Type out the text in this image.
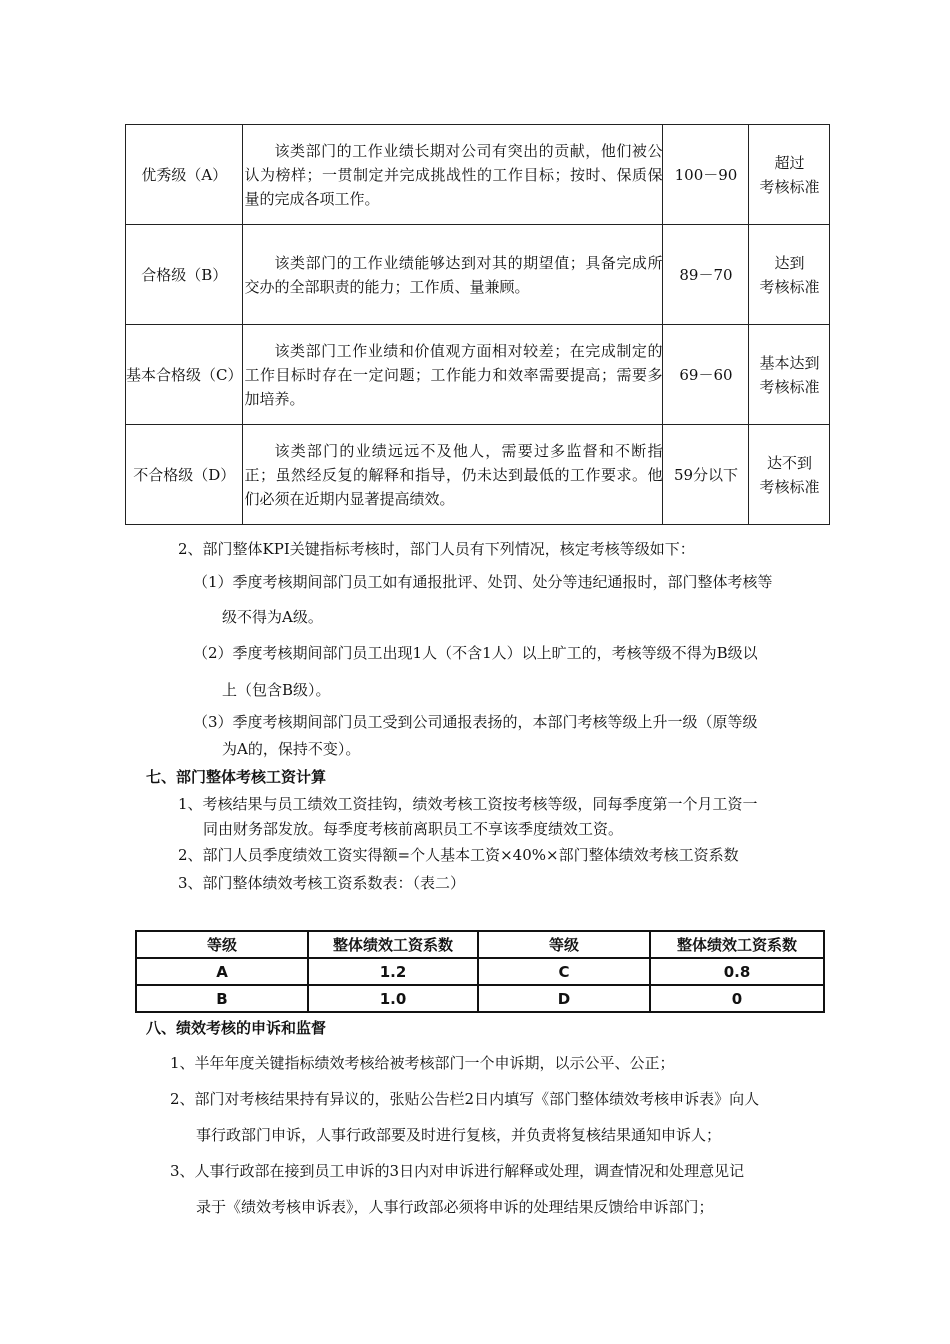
优秀级（A）	该类部门的工作业绩长期对公司有突出的贡献，他们被公认为榜样；一贯制定并完成挑战性的工作目标；按时、保质保量的完成各项工作。	100－90	超过
考核标准

合格级（B）	该类部门的工作业绩能够达到对其的期望值；具备完成所交办的全部职责的能力；工作质、量兼顾。	89－70	达到
考核标准

基本合格级（C）	该类部门工作业绩和价值观方面相对较差；在完成制定的工作目标时存在一定问题；工作能力和效率需要提高；需要多加培养。	69－60	基本达到
考核标准

不合格级（D）	该类部门的业绩远远不及他人，需要过多监督和不断指正；虽然经反复的解释和指导，仍未达到最低的工作要求。他们必须在近期内显著提高绩效。	59分以下	达不到
考核标准
2、部门整体KPI关键指标考核时，部门人员有下列情况，核定考核等级如下：
（1）季度考核期间部门员工如有通报批评、处罚、处分等违纪通报时，部门整体考核等
级不得为A级。
（2）季度考核期间部门员工出现1人（不含1人）以上旷工的，考核等级不得为B级以
上（包含B级）。
（3）季度考核期间部门员工受到公司通报表扬的，本部门考核等级上升一级（原等级
为A的，保持不变）。
七、部门整体考核工资计算
1、考核结果与员工绩效工资挂钩，绩效考核工资按考核等级，同每季度第一个月工资一
同由财务部发放。每季度考核前离职员工不享该季度绩效工资。
2、部门人员季度绩效工资实得额=个人基本工资×40%×部门整体绩效考核工资系数
3、部门整体绩效考核工资系数表：（表二）
等级	整体绩效工资系数	等级	整体绩效工资系数
A	1.2	C	0.8
B	1.0	D	0
八、绩效考核的申诉和监督
1、半年年度关键指标绩效考核给被考核部门一个申诉期，以示公平、公正；
2、部门对考核结果持有异议的，张贴公告栏2日内填写《部门整体绩效考核申诉表》向人
事行政部门申诉，人事行政部要及时进行复核，并负责将复核结果通知申诉人；
3、人事行政部在接到员工申诉的3日内对申诉进行解释或处理，调查情况和处理意见记
录于《绩效考核申诉表》，人事行政部必须将申诉的处理结果反馈给申诉部门；
